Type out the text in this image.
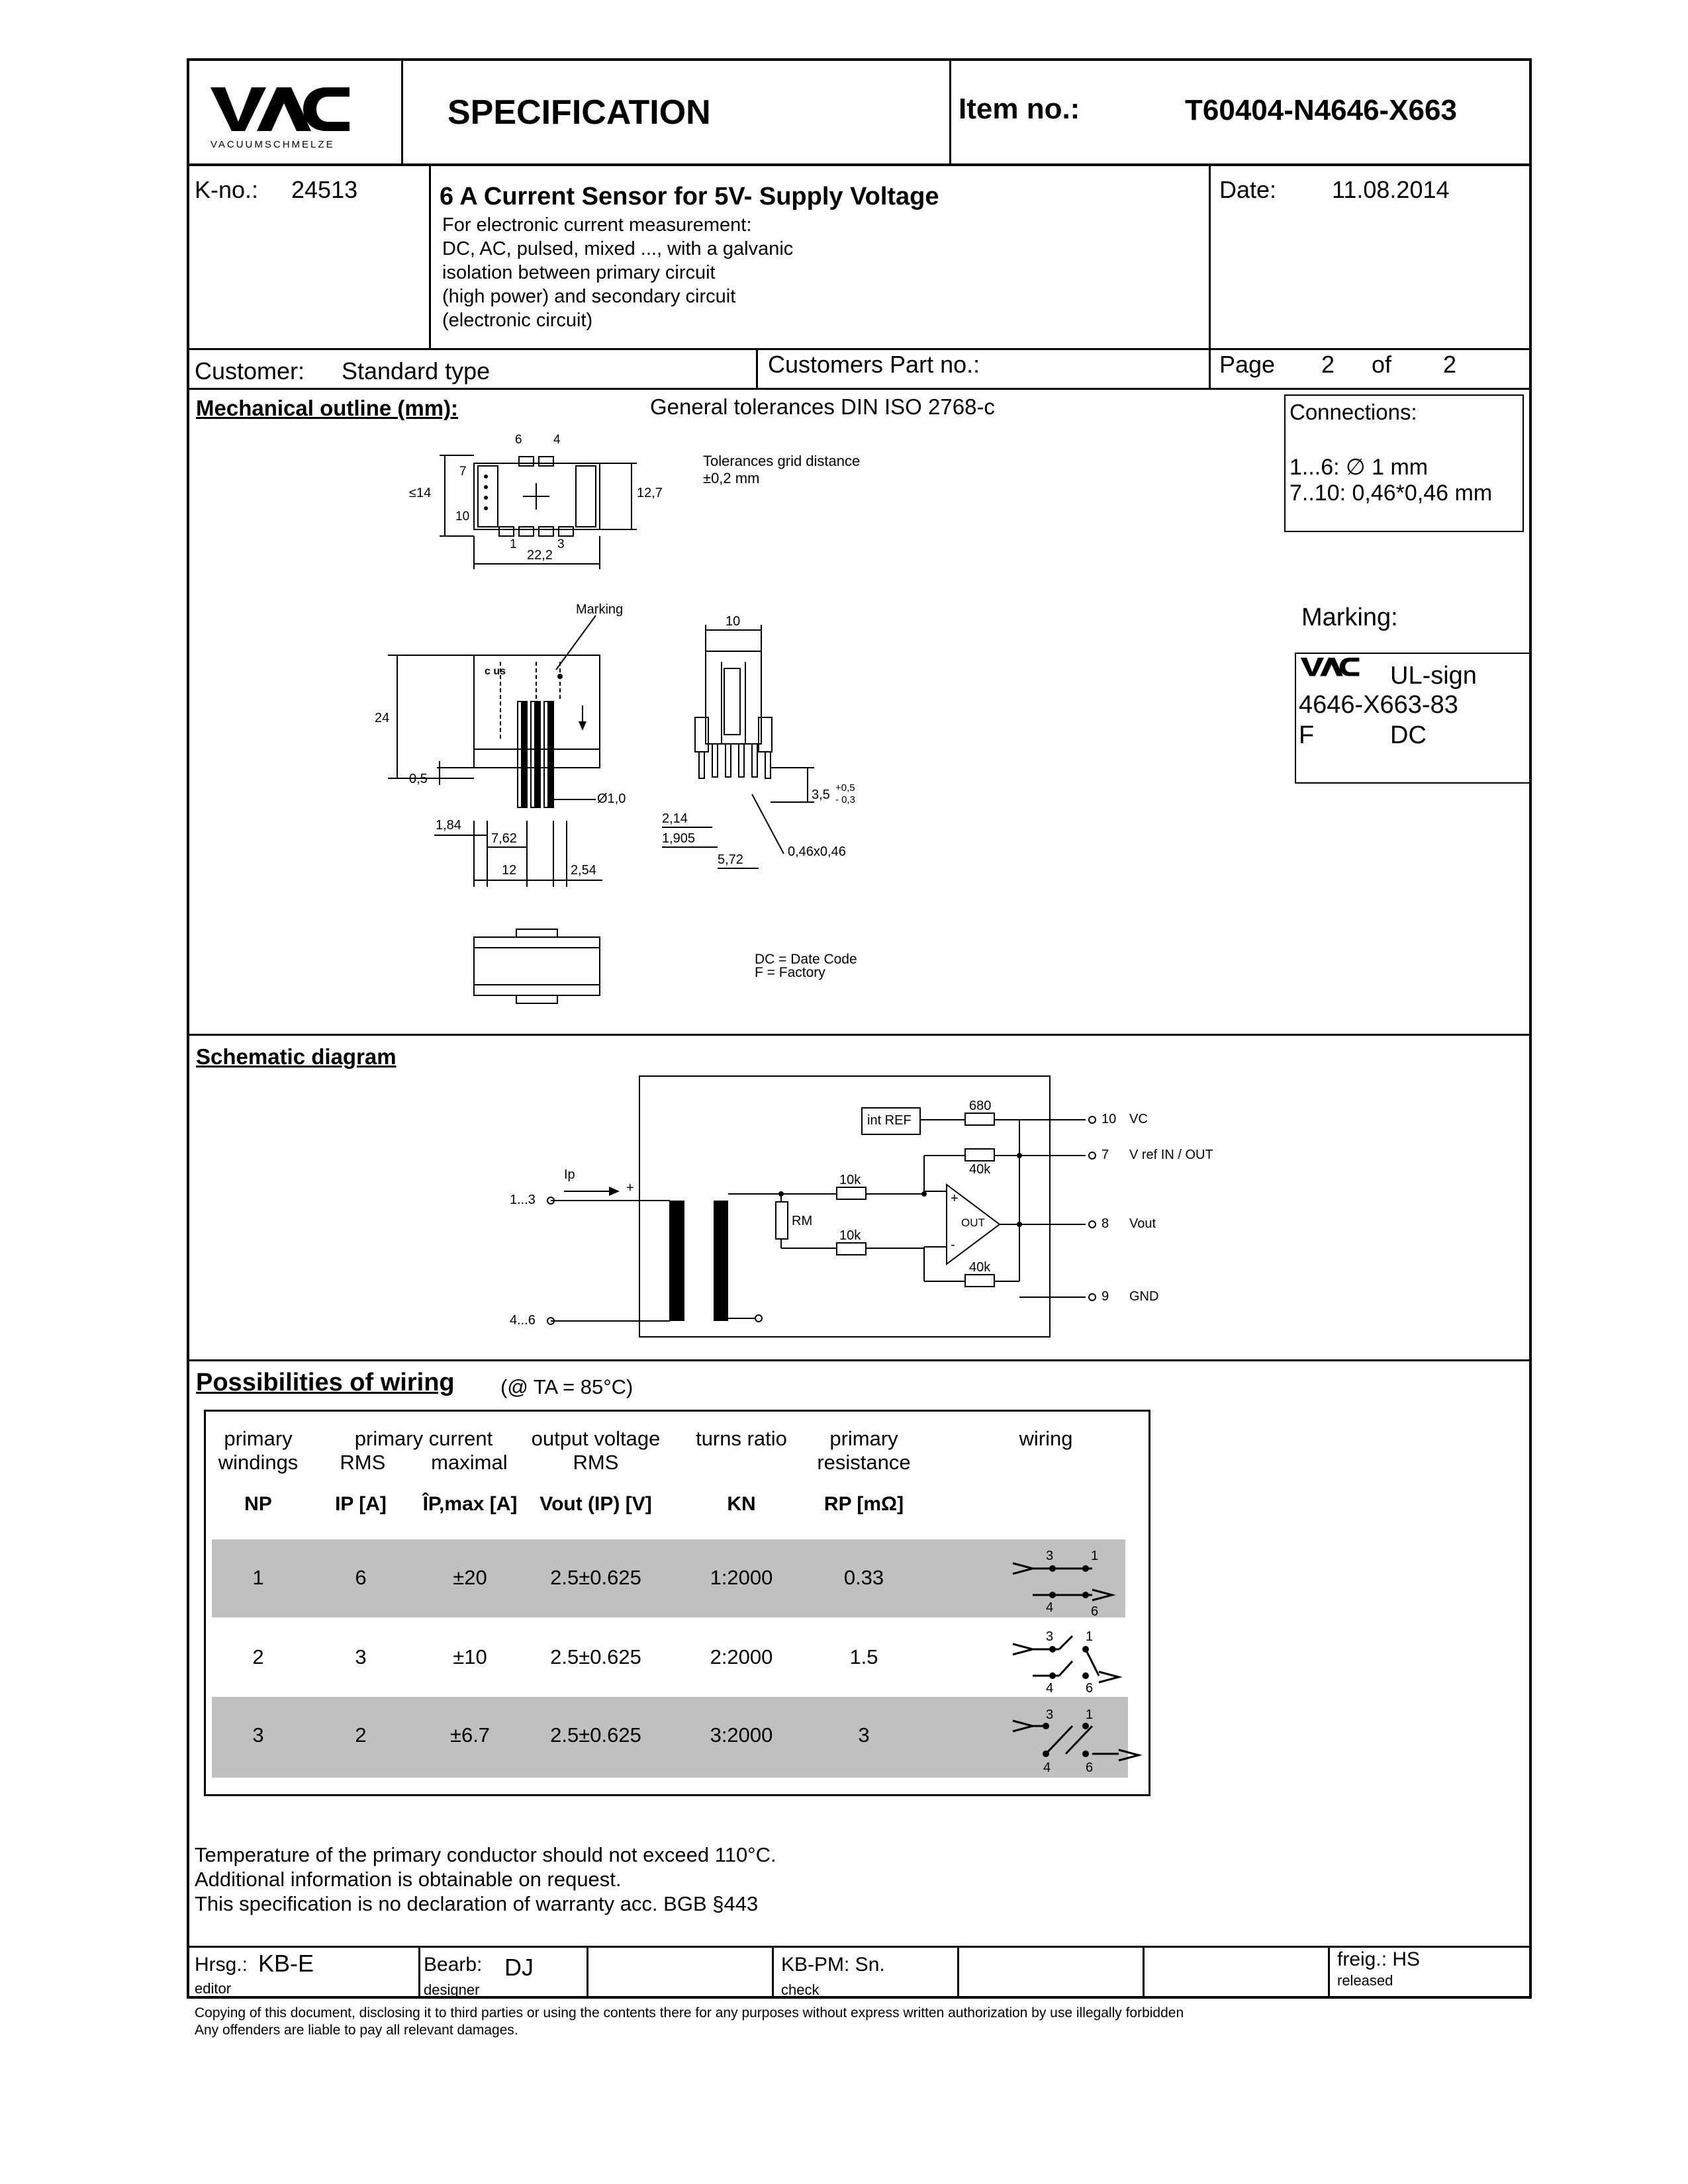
VACUUMSCHMELZE
SPECIFICATION	Item no.:	T60404-N4646-X663
K-no.: 24513	6 A Current Sensor for 5V- Supply Voltage
For electronic current measurement:
DC, AC, pulsed, mixed ..., with a galvanic
isolation between primary circuit
(high power) and secondary circuit
(electronic circuit)
Date: 11.08.2014
Customer: Standard type	Customers Part no.:	Page 2 of 2
Mechanical outline (mm):	General tolerances DIN ISO 2768-c
Tolerances grid distance
±0,2 mm
6 4
7
10
1	3
≤14	12,7
22,2
Marking
10
24
c us
0,5
Ø1,0
1,84
7,62
12	2,54
2,14
1,905
5,72
0,46x0,46
3,5 +0,5
- 0,3
DC = Date Code
F = Factory
Connections:
1...6: ∅ 1 mm
7..10: 0,46*0,46 mm
Marking:
UL-sign
4646-X663-83
F	DC
Schematic diagram
int REF
680
40k
10k
10k
40k
RM	OUT
+
-
Ip
+
1...3
4...6
10
7
8
9
VC
V ref IN / OUT
Vout
GND
Possibilities of wiring (@ TA = 85°C)
primary
windings
primary current
RMS        maximal
output voltage
RMS
turns ratio	primary
resistance
wiring
NP	IP [A]	ÎP,max [A]	Vout (IP) [V]	KN	RP [mΩ]
1	6	±20	2.5±0.625	1:2000	0.33
2	3	±10	2.5±0.625	2:2000	1.5
3	2	±6.7	2.5±0.625	3:2000	3
3	1
4	6
3 1
4 6
3 1
4	6
Temperature of the primary conductor should not exceed 110°C.
Additional information is obtainable on request.
This specification is no declaration of warranty acc. BGB §443
Hrsg.: KB-E
editor
Bearb: DJ
designer
KB-PM: Sn.
check
freig.: HS
released
Copying of this document, disclosing it to third parties or using the contents there for any purposes without express written authorization by use illegally forbidden
Any offenders are liable to pay all relevant damages.
